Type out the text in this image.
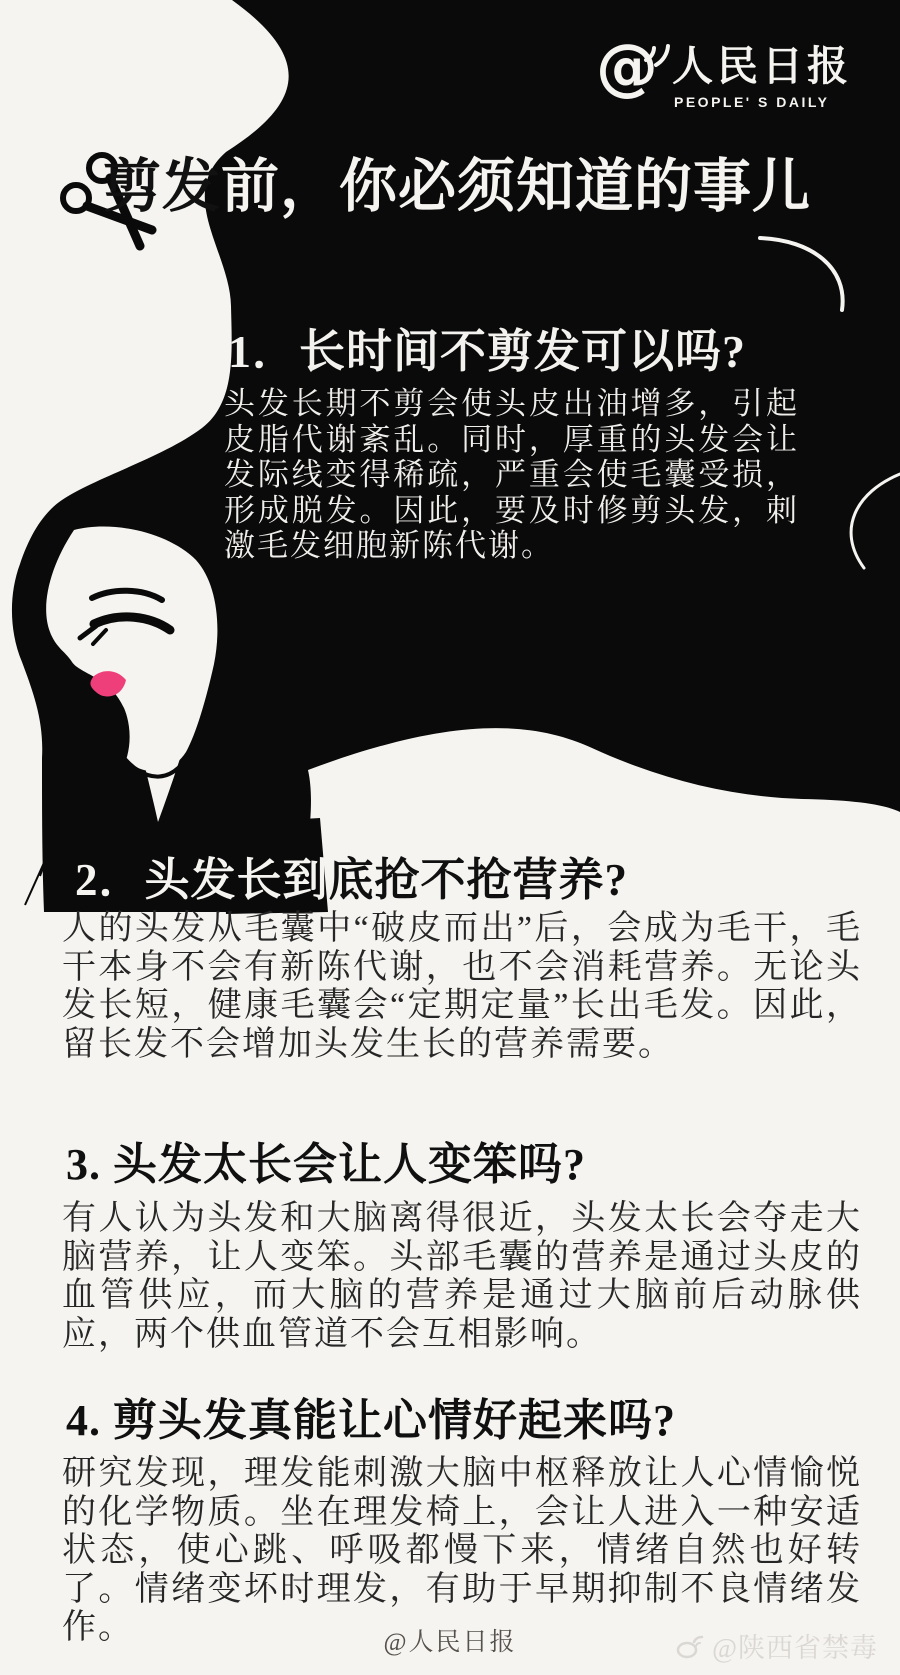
@ 人民日报
PEOPLE' S DAILY
剪发前，你必须知道的事儿
1．长时间不剪发可以吗?
头发长期不剪会使头皮出油增多，引起皮脂代谢紊乱。同时，厚重的头发会让发际线变得稀疏，严重会使毛囊受损，形成脱发。因此，要及时修剪头发，刺激毛发细胞新陈代谢。
2．头发长到底抢不抢营养?
人的头发从毛囊中“破皮而出”后，会成为毛干，毛干本身不会有新陈代谢，也不会消耗营养。无论头发长短，健康毛囊会“定期定量”长出毛发。因此，留长发不会增加头发生长的营养需要。
3. 头发太长会让人变笨吗?
有人认为头发和大脑离得很近，头发太长会夺走大脑营养，让人变笨。头部毛囊的营养是通过头皮的血管供应，而大脑的营养是通过大脑前后动脉供应，两个供血管道不会互相影响。
4. 剪头发真能让心情好起来吗?
研究发现，理发能刺激大脑中枢释放让人心情愉悦的化学物质。坐在理发椅上，会让人进入一种安适状态，使心跳、呼吸都慢下来，情绪自然也好转了。情绪变坏时理发，有助于早期抑制不良情绪发作。	@人民日报	@陕西省禁毒
